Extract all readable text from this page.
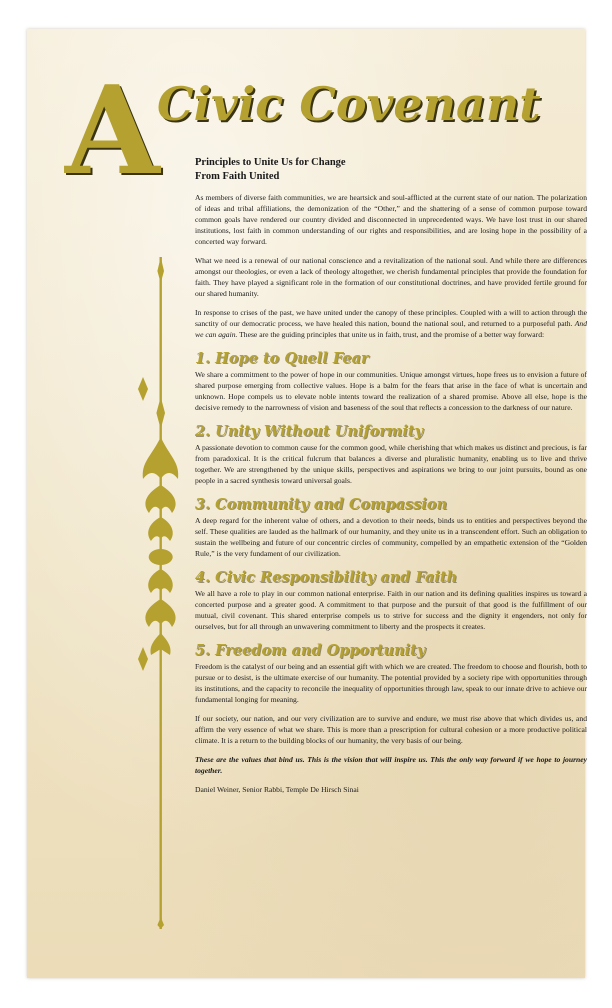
A
Civic Covenant
Principles to Unite Us for Change
From Faith United

As members of diverse faith communities, we are heartsick and soul-afflicted at the current state of our nation. The polarization of ideas and tribal affiliations, the demonization of the “Other,” and the shattering of a sense of common purpose toward common goals have rendered our country divided and disconnected in unprecedented ways. We have lost trust in our shared institutions, lost faith in common understanding of our rights and responsibilities, and are losing hope in the possibility of a concerted way forward.

What we need is a renewal of our national conscience and a revitalization of the national soul. And while there are differences amongst our theologies, or even a lack of theology altogether, we cherish fundamental principles that provide the foundation for faith. They have played a significant role in the formation of our constitutional doctrines, and have provided fertile ground for our shared humanity.

In response to crises of the past, we have united under the canopy of these principles. Coupled with a will to action through the sanctity of our democratic process, we have healed this nation, bound the national soul, and returned to a purposeful path. And we can again. These are the guiding principles that unite us in faith, trust, and the promise of a better way forward:

1. Hope to Quell Fear

We share a commitment to the power of hope in our communities. Unique amongst virtues, hope frees us to envision a future of shared purpose emerging from collective values. Hope is a balm for the fears that arise in the face of what is uncertain and unknown. Hope compels us to elevate noble intents toward the realization of a shared promise. Above all else, hope is the decisive remedy to the narrowness of vision and baseness of the soul that reflects a concession to the darkness of our nature.

2. Unity Without Uniformity

A passionate devotion to common cause for the common good, while cherishing that which makes us distinct and precious, is far from paradoxical. It is the critical fulcrum that balances a diverse and pluralistic humanity, enabling us to live and thrive together. We are strengthened by the unique skills, perspectives and aspirations we bring to our joint pursuits, bound as one people in a sacred synthesis toward universal goals.

3. Community and Compassion

A deep regard for the inherent value of others, and a devotion to their needs, binds us to entities and perspectives beyond the self. These qualities are lauded as the hallmark of our humanity, and they unite us in a transcendent effort. Such an obligation to sustain the wellbeing and future of our concentric circles of community, compelled by an empathetic extension of the “Golden Rule,” is the very fundament of our civilization.

4. Civic Responsibility and Faith

We all have a role to play in our common national enterprise. Faith in our nation and its defining qualities inspires us toward a concerted purpose and a greater good. A commitment to that purpose and the pursuit of that good is the fulfillment of our mutual, civil covenant. This shared enterprise compels us to strive for success and the dignity it engenders, not only for ourselves, but for all through an unwavering commitment to liberty and the prospects it creates.

5. Freedom and Opportunity

Freedom is the catalyst of our being and an essential gift with which we are created. The freedom to choose and flourish, both to pursue or to desist, is the ultimate exercise of our humanity. The potential provided by a society ripe with opportunities through its institutions, and the capacity to reconcile the inequality of opportunities through law, speak to our innate drive to achieve our fundamental longing for meaning.

If our society, our nation, and our very civilization are to survive and endure, we must rise above that which divides us, and affirm the very essence of what we share. This is more than a prescription for cultural cohesion or a more productive political climate. It is a return to the building blocks of our humanity, the very basis of our being.

These are the values that bind us. This is the vision that will inspire us. This the only way forward if we hope to journey together.

Daniel Weiner, Senior Rabbi, Temple De Hirsch Sinai
